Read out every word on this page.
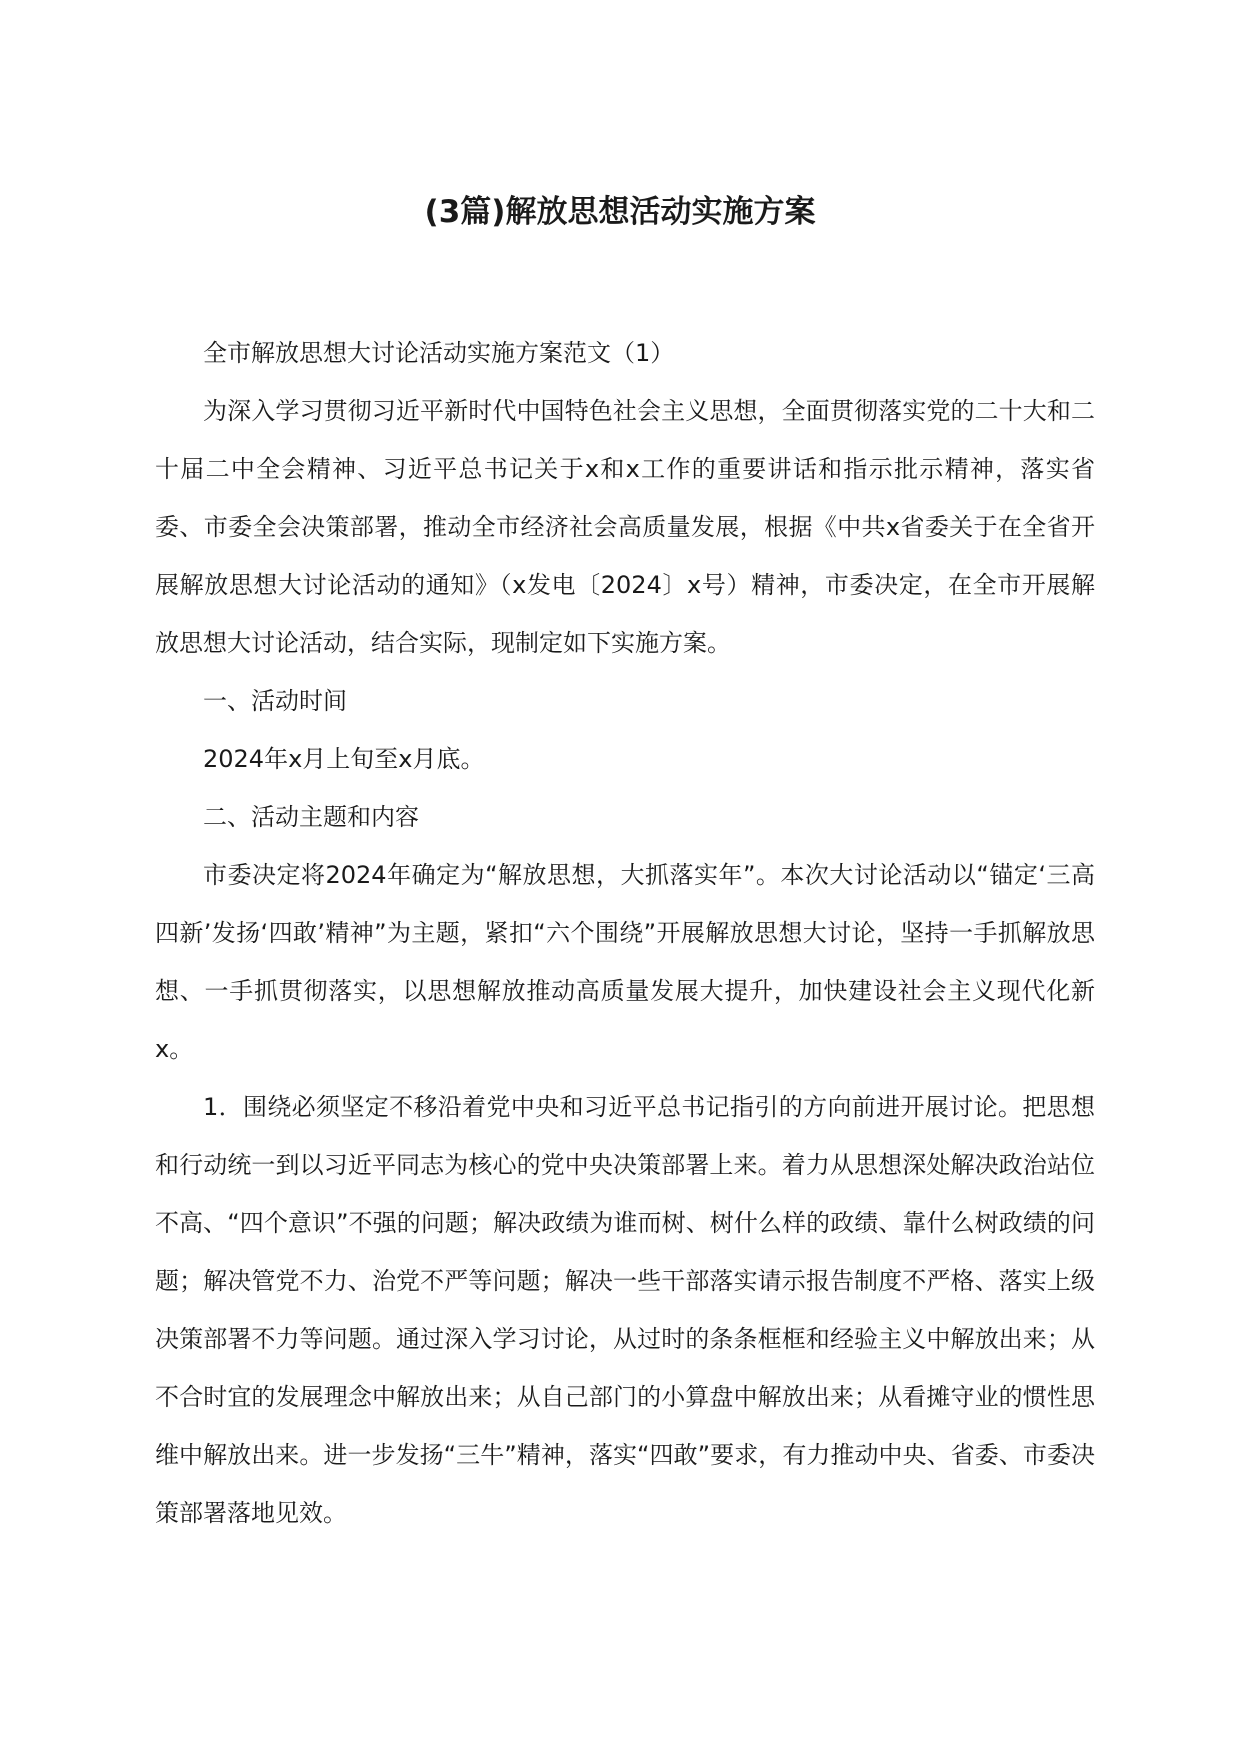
(3篇)解放思想活动实施方案

全市解放思想大讨论活动实施方案范文（1）

为深入学习贯彻习近平新时代中国特色社会主义思想，全面贯彻落实党的二十大和二十届二中全会精神、习近平总书记关于x和x工作的重要讲话和指示批示精神，落实省委、市委全会决策部署，推动全市经济社会高质量发展，根据《中共x省委关于在全省开展解放思想大讨论活动的通知》（x发电〔2024〕x号）精神，市委决定，在全市开展解放思想大讨论活动，结合实际，现制定如下实施方案。

一、活动时间

2024年x月上旬至x月底。

二、活动主题和内容

市委决定将2024年确定为“解放思想，大抓落实年”。本次大讨论活动以“锚定‘三高四新’发扬‘四敢’精神”为主题，紧扣“六个围绕”开展解放思想大讨论，坚持一手抓解放思想、一手抓贯彻落实，以思想解放推动高质量发展大提升，加快建设社会主义现代化新x。

1．围绕必须坚定不移沿着党中央和习近平总书记指引的方向前进开展讨论。把思想和行动统一到以习近平同志为核心的党中央决策部署上来。着力从思想深处解决政治站位不高、“四个意识”不强的问题；解决政绩为谁而树、树什么样的政绩、靠什么树政绩的问题；解决管党不力、治党不严等问题；解决一些干部落实请示报告制度不严格、落实上级决策部署不力等问题。通过深入学习讨论，从过时的条条框框和经验主义中解放出来；从不合时宜的发展理念中解放出来；从自己部门的小算盘中解放出来；从看摊守业的惯性思维中解放出来。进一步发扬“三牛”精神，落实“四敢”要求，有力推动中央、省委、市委决策部署落地见效。
